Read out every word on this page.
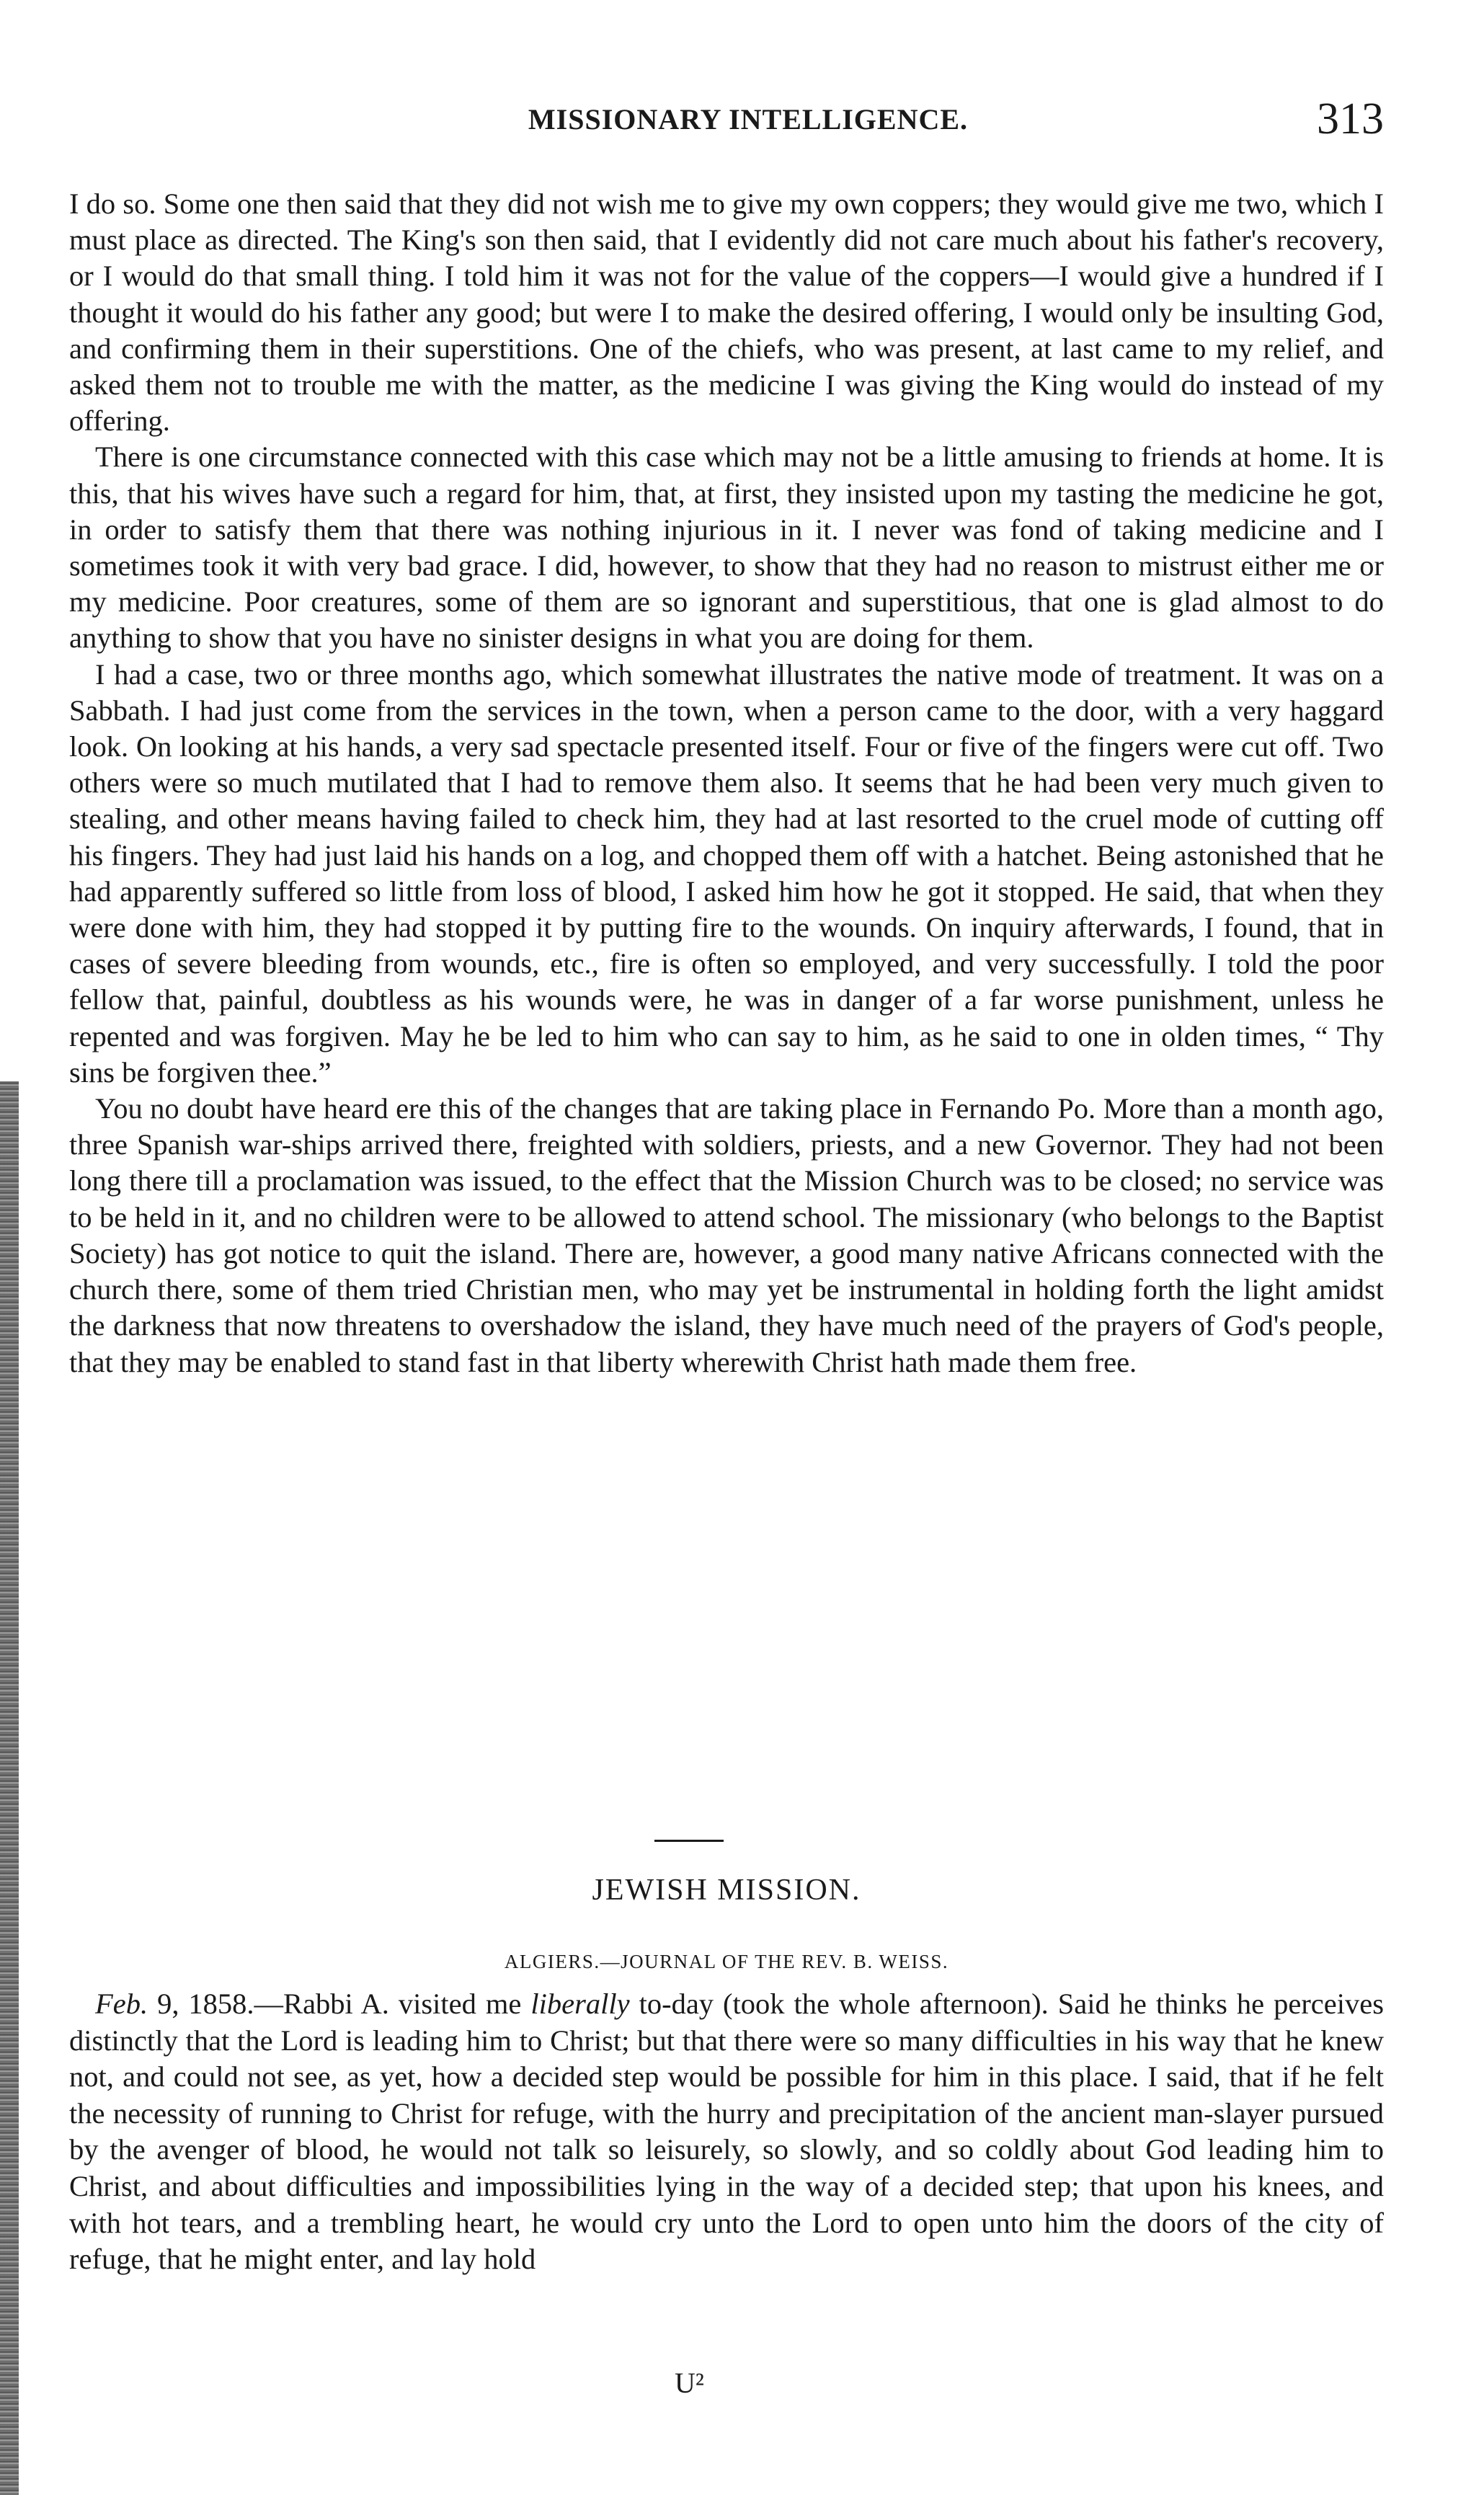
MISSIONARY INTELLIGENCE.	313

I do so. Some one then said that they did not wish me to give my own coppers; they would give me two, which I must place as directed. The King's son then said, that I evidently did not care much about his father's recovery, or I would do that small thing. I told him it was not for the value of the coppers—I would give a hundred if I thought it would do his father any good; but were I to make the desired offering, I would only be insulting God, and confirming them in their superstitions. One of the chiefs, who was present, at last came to my relief, and asked them not to trouble me with the matter, as the medicine I was giving the King would do instead of my offering.

There is one circumstance connected with this case which may not be a little amusing to friends at home. It is this, that his wives have such a regard for him, that, at first, they insisted upon my tasting the medicine he got, in order to satisfy them that there was nothing injurious in it. I never was fond of taking medicine and I sometimes took it with very bad grace. I did, however, to show that they had no reason to mistrust either me or my medicine. Poor creatures, some of them are so ignorant and superstitious, that one is glad almost to do anything to show that you have no sinister designs in what you are doing for them.

I had a case, two or three months ago, which somewhat illustrates the native mode of treatment. It was on a Sabbath. I had just come from the services in the town, when a person came to the door, with a very haggard look. On looking at his hands, a very sad spectacle presented itself. Four or five of the fingers were cut off. Two others were so much mutilated that I had to remove them also. It seems that he had been very much given to stealing, and other means having failed to check him, they had at last resorted to the cruel mode of cutting off his fingers. They had just laid his hands on a log, and chopped them off with a hatchet. Being astonished that he had apparently suffered so little from loss of blood, I asked him how he got it stopped. He said, that when they were done with him, they had stopped it by putting fire to the wounds. On inquiry afterwards, I found, that in cases of severe bleeding from wounds, etc., fire is often so employed, and very successfully. I told the poor fellow that, painful, doubtless as his wounds were, he was in danger of a far worse punishment, unless he repented and was forgiven. May he be led to him who can say to him, as he said to one in olden times, “ Thy sins be forgiven thee.”

You no doubt have heard ere this of the changes that are taking place in Fernando Po. More than a month ago, three Spanish war-ships arrived there, freighted with soldiers, priests, and a new Governor. They had not been long there till a proclamation was issued, to the effect that the Mission Church was to be closed; no service was to be held in it, and no children were to be allowed to attend school. The missionary (who belongs to the Baptist Society) has got notice to quit the island. There are, however, a good many native Africans connected with the church there, some of them tried Christian men, who may yet be instrumental in holding forth the light amidst the darkness that now threatens to overshadow the island, they have much need of the prayers of God's people, that they may be enabled to stand fast in that liberty wherewith Christ hath made them free.

JEWISH MISSION.
ALGIERS.—JOURNAL OF THE REV. B. WEISS.

Feb. 9, 1858.—Rabbi A. visited me liberally to-day (took the whole afternoon). Said he thinks he perceives distinctly that the Lord is leading him to Christ; but that there were so many difficulties in his way that he knew not, and could not see, as yet, how a decided step would be possible for him in this place. I said, that if he felt the necessity of running to Christ for refuge, with the hurry and precipitation of the ancient man-slayer pursued by the avenger of blood, he would not talk so leisurely, so slowly, and so coldly about God leading him to Christ, and about difficulties and impossibilities lying in the way of a decided step; that upon his knees, and with hot tears, and a trembling heart, he would cry unto the Lord to open unto him the doors of the city of refuge, that he might enter, and lay hold

U²
